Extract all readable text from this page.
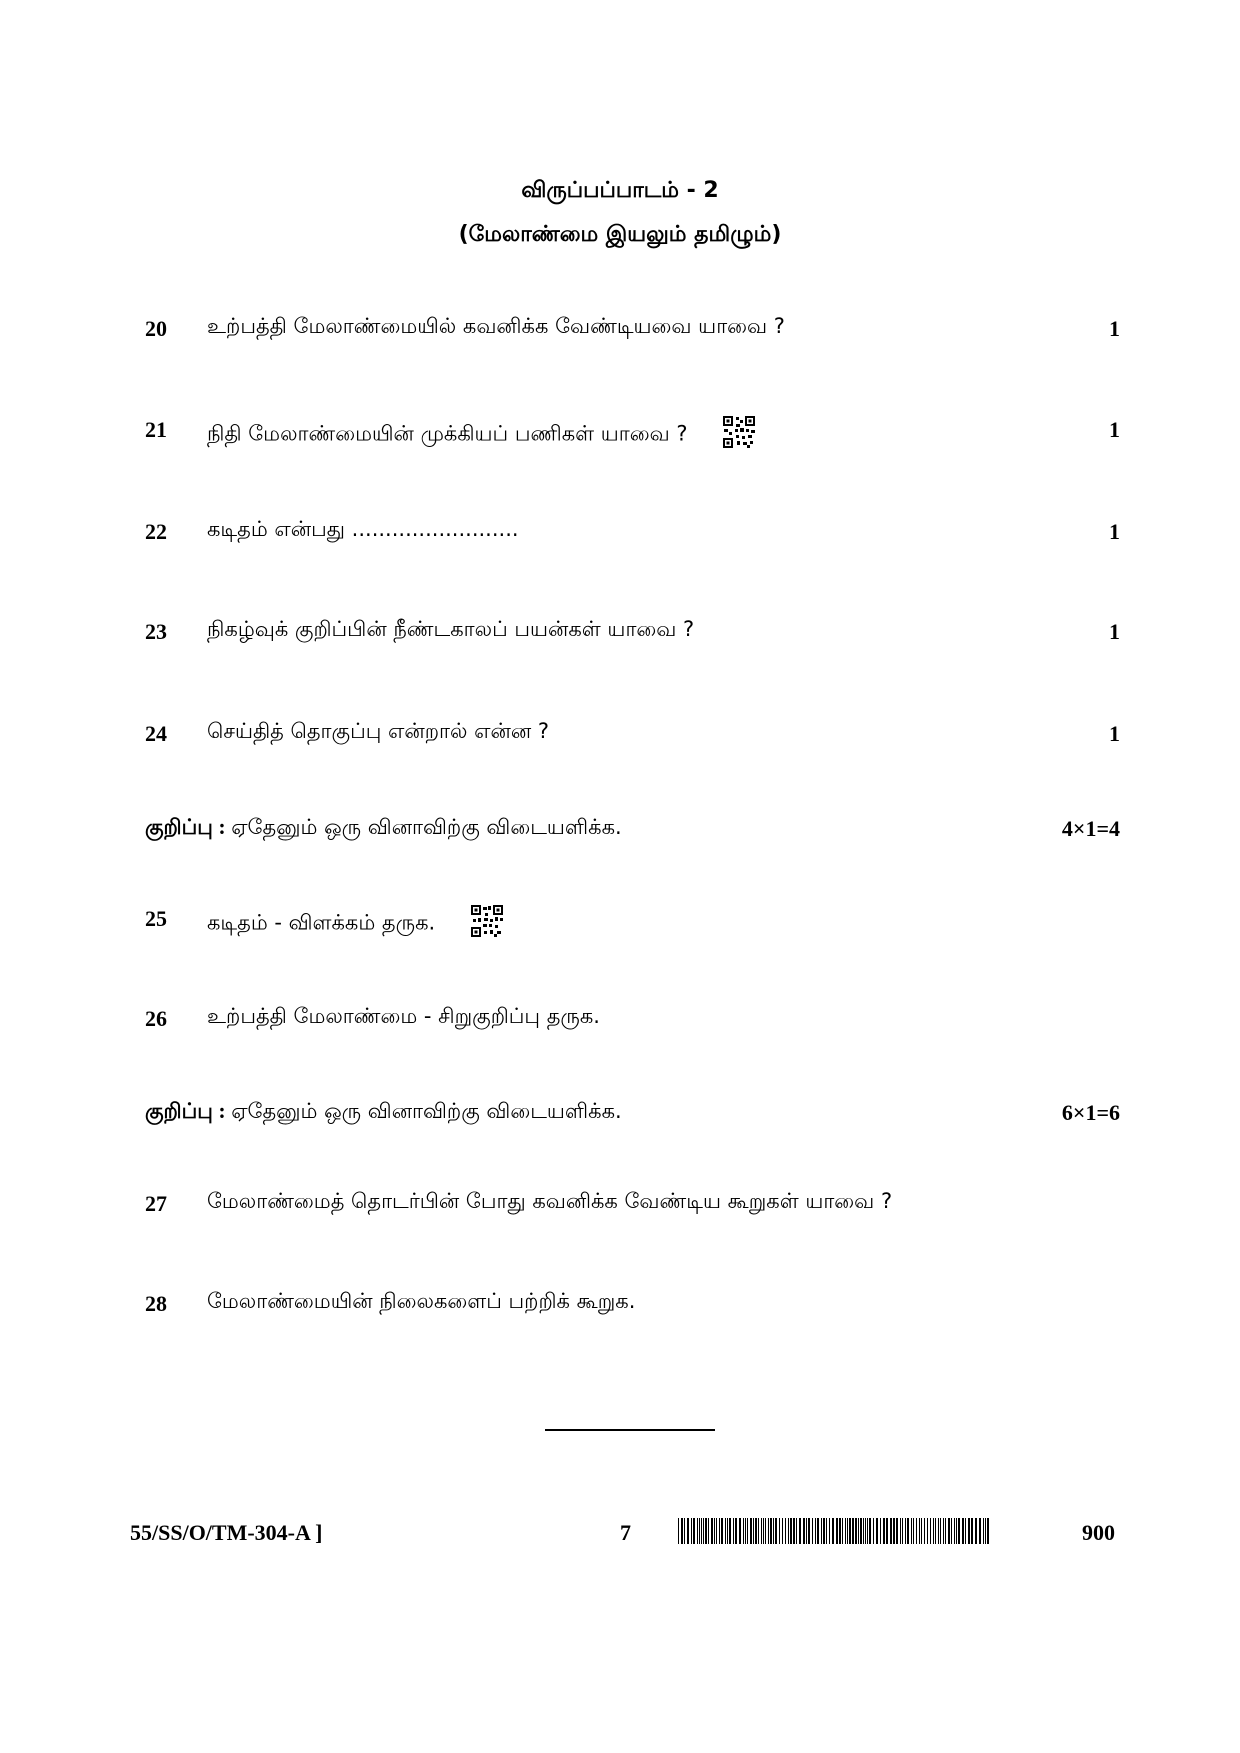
விருப்பப்பாடம் - 2
(மேலாண்மை இயலும் தமிழும்)
20 உற்பத்தி மேலாண்மையில் கவனிக்க வேண்டியவை யாவை ?	1
21 நிதி மேலாண்மையின் முக்கியப் பணிகள் யாவை ?	1
22 கடிதம் என்பது .........................	1
23 நிகழ்வுக் குறிப்பின் நீண்டகாலப் பயன்கள் யாவை ?	1
24 செய்தித் தொகுப்பு என்றால் என்ன ?	1
குறிப்பு : ஏதேனும் ஒரு வினாவிற்கு விடையளிக்க.	4×1=4
25 கடிதம் - விளக்கம் தருக.
26 உற்பத்தி மேலாண்மை - சிறுகுறிப்பு தருக.
குறிப்பு : ஏதேனும் ஒரு வினாவிற்கு விடையளிக்க.	6×1=6
27 மேலாண்மைத் தொடர்பின் போது கவனிக்க வேண்டிய கூறுகள் யாவை ?
28 மேலாண்மையின் நிலைகளைப் பற்றிக் கூறுக.
55/SS/O/TM-304-A ]	7	900
